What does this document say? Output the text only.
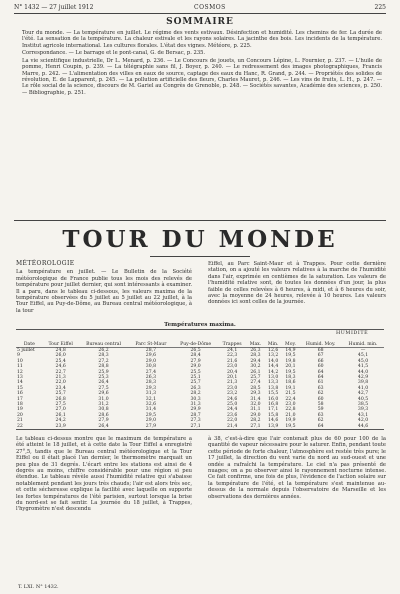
N° 1432 — 27 juillet 1912	COSMOS	225
SOMMAIRE

Tour du monde. — La température en juillet. Le régime des vents estivaux. Désinfection et humidité. Les chemins de fer. La durée de l'été. La sensation de la température. La chaleur estivale et les rayons solaires. La jacinthe des bois. Les incidents de la température. Institut agricole international. Les cultures florales. L'état des vignes. Météore, p. 225.

Correspondance. — Le barrage et le pont-canal, G. de Bersac, p. 235.

La vie scientifique industrielle, Dr L. Menard, p. 236. — Le Concours de jouets, un Concours Lépine, L. Fournier, p. 237. — L'huile de pomme, Henri Coupin, p. 239. — La télégraphie sans fil, J. Boyer, p. 240. — Le redressement des images photographiques, Francis Marre, p. 242. — L'alimentation des villes en eaux de source, captage des eaux du Hanc, R. Grand, p. 244. — Propriétés des solides de révolution, E. de Lapparent, p. 245. — La pollution artificielle des fleurs, Charles Mauret, p. 246. — Les vins de fruits, L. H., p. 247. — Le rôle social de la science, discours de M. Gariel au Congrès de Grenoble, p. 248. — Sociétés savantes, Académie des sciences, p. 250. — Bibliographie, p. 251.

TOUR DU MONDE

MÉTÉOROLOGIE

La température en juillet. — Le Bulletin de la Société météorologique de France publie tous les mois des relevés de température pour juillet dernier, qui sont intéressants à examiner. Il a paru, dans le tableau ci-dessous, les valeurs maxima de la température observées du 5 juillet au 5 juillet au 22 juillet, à la Tour Eiffel, au Puy-de-Dôme, au Bureau central météorologique, à la tour

Eiffel, au Parc Saint-Maur et à Trappes. Pour cette dernière station, on a ajouté les valeurs relatives à la marche de l'humidité dans l'air, exprimée en centièmes de la saturation. Les valeurs de l'humidité relative sont, de toutes les données d'un jour, la plus faible de celles relevées à 6 heures, à midi, et à 6 heures du soir, avec la moyenne de 24 heures, relevée à 10 heures. Les valeurs données ici sont celles de la journée.

Températures maxima.
HUMIDITÉ
Date	Tour Eiffel	Bureau central	Parc St-Maur	Puy-de-Dôme	Trappes	Max.	Min.	Moy.	Humid. Moy.	Humid. min.
5 juillet	24,8	26,2	28,7	26,5	24,1	26,3	12,6	14,9	68	—
9	26,0	28,3	29,6	28,4	22,3	28,3	13,2	19,5	67	45,1
10	25,4	27,2	29,0	27,9	21,6	29,4	14,0	19,8	66	45,0
11	24,6	28,8	30,8	29,0	23,0	30,2	14,4	20,1	60	41,5
12	22,7	25,9	27,4	25,5	20,4	26,1	14,2	19,5	64	44,0
13	21,3	25,3	26,3	25,1	20,1	25,7	13,0	18,3	64	42,9
14	22,0	26,4	28,3	25,7	21,3	27,4	13,3	18,6	61	39,8
15	23,4	27,5	29,3	26,3	23,0	28,5	13,8	19,1	63	41,0
16	25,7	29,6	31,3	28,2	23,2	29,3	15,5	21,5	62	42,7
17	26,8	31,0	32,1	30,3	24,6	31,4	16,0	22,4	60	40,5
18	27,5	31,2	32,6	31,3	25,0	32,0	16,8	23,0	58	38,5
19	27,0	30,8	31,4	29,9	24,4	31,1	17,1	22,8	59	39,3
20	26,1	28,6	29,5	28,7	23,6	29,0	15,8	21,0	63	43,1
21	24,2	27,9	29,0	27,3	22,0	28,2	14,6	19,9	62	42,0
22	23,9	26,4	27,9	27,1	21,4	27,1	13,9	19,5	64	44,6

Le tableau ci-dessus montre que le maximum de température a été atteint le 18 juillet, et à cette date la Tour Eiffel a enregistré 27°,5, tandis que le Bureau central météorologique et la Tour Eiffel ou il était placé l'an dernier, le thermomètre marquait un peu plus de 31 degrés. L'écart entre les stations est ainsi de 4 degrés au moins, chiffre considérable pour une région si peu étendue. Le tableau révèle aussi l'humidité relative qui s'abaisse notablement pendant les jours très chauds; l'air est alors très sec, et cette sécheresse explique la facilité avec laquelle on supporte les fortes températures de l'été parisien, surtout lorsque la brise du nord-est se fait sentir. La journée du 18 juillet, à Trappes, l'hygromètre n'est descendu

à 38, c'est-à-dire que l'air contenait plus de 60 pour 100 de la quantité de vapeur nécessaire pour le saturer. Enfin, pendant toute cette période de forte chaleur, l'atmosphère est restée très pure; le 17 juillet, la direction du vent varie du nord au sud-ouest et une ondée a rafraîchi la température. Le ciel n'a pas présenté de nuages; on a pu observer ainsi le rayonnement nocturne intense. Ce fait confirme, une fois de plus, l'évidence de l'action solaire sur la température de l'été, et la température s'est maintenue au-dessus de la normale depuis l'observatoire de Marseille et les observations des dernières années.

T. LXI. N° 1432.
